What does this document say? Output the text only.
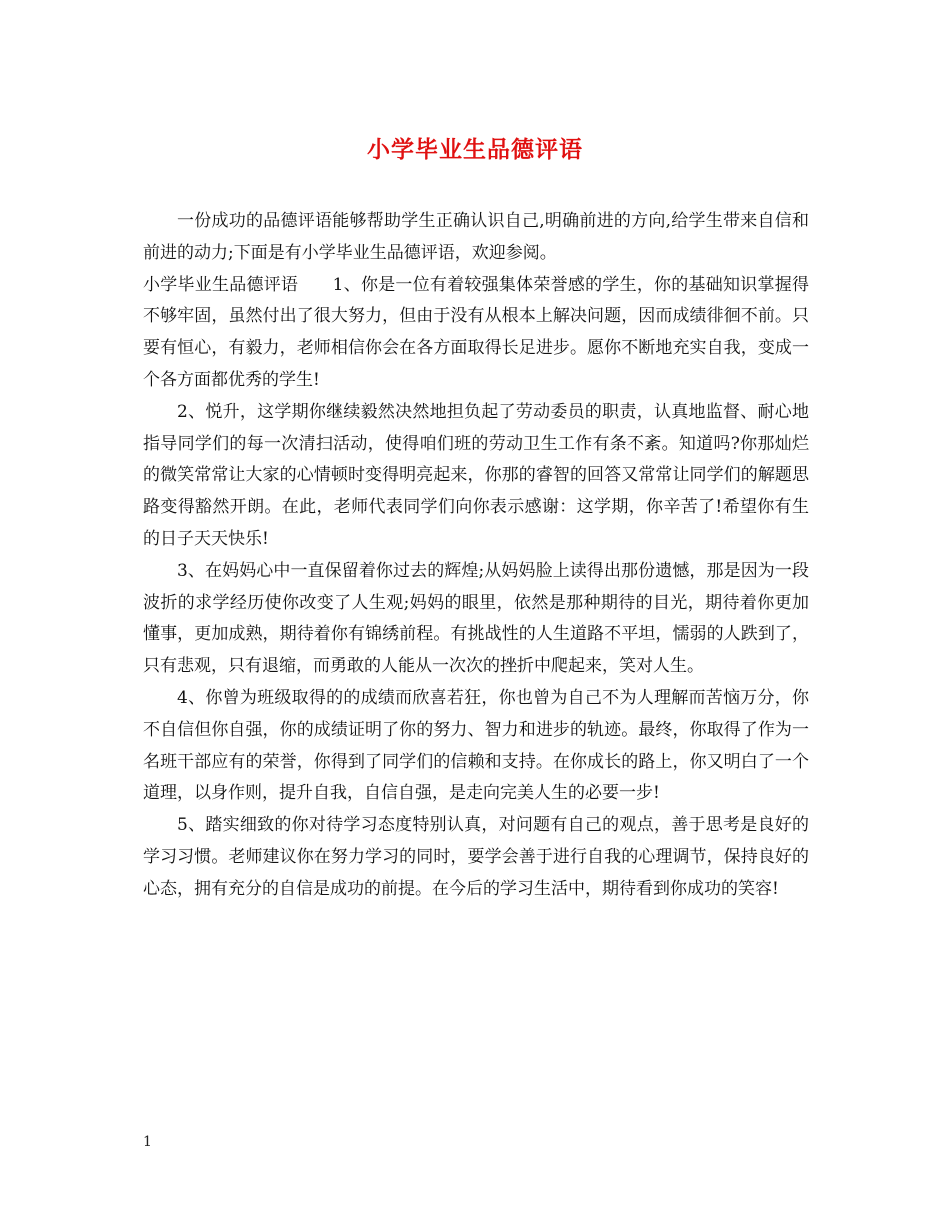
小学毕业生品德评语

一份成功的品德评语能够帮助学生正确认识自己,明确前进的方向,给学生带来自信和前进的动力;下面是有小学毕业生品德评语，欢迎参阅。

小学毕业生品德评语　　1、你是一位有着较强集体荣誉感的学生，你的基础知识掌握得不够牢固，虽然付出了很大努力，但由于没有从根本上解决问题，因而成绩徘徊不前。只要有恒心，有毅力，老师相信你会在各方面取得长足进步。愿你不断地充实自我，变成一个各方面都优秀的学生!

2、悦升，这学期你继续毅然决然地担负起了劳动委员的职责，认真地监督、耐心地指导同学们的每一次清扫活动，使得咱们班的劳动卫生工作有条不紊。知道吗?你那灿烂的微笑常常让大家的心情顿时变得明亮起来，你那的睿智的回答又常常让同学们的解题思路变得豁然开朗。在此，老师代表同学们向你表示感谢：这学期，你辛苦了!希望你有生的日子天天快乐!

3、在妈妈心中一直保留着你过去的辉煌;从妈妈脸上读得出那份遗憾，那是因为一段波折的求学经历使你改变了人生观;妈妈的眼里，依然是那种期待的目光，期待着你更加懂事，更加成熟，期待着你有锦绣前程。有挑战性的人生道路不平坦，懦弱的人跌到了，只有悲观，只有退缩，而勇敢的人能从一次次的挫折中爬起来，笑对人生。

4、你曾为班级取得的的成绩而欣喜若狂，你也曾为自己不为人理解而苦恼万分，你不自信但你自强，你的成绩证明了你的努力、智力和进步的轨迹。最终，你取得了作为一名班干部应有的荣誉，你得到了同学们的信赖和支持。在你成长的路上，你又明白了一个道理，以身作则，提升自我，自信自强，是走向完美人生的必要一步!

5、踏实细致的你对待学习态度特别认真，对问题有自己的观点，善于思考是良好的学习习惯。老师建议你在努力学习的同时，要学会善于进行自我的心理调节，保持良好的心态，拥有充分的自信是成功的前提。在今后的学习生活中，期待看到你成功的笑容!

1
